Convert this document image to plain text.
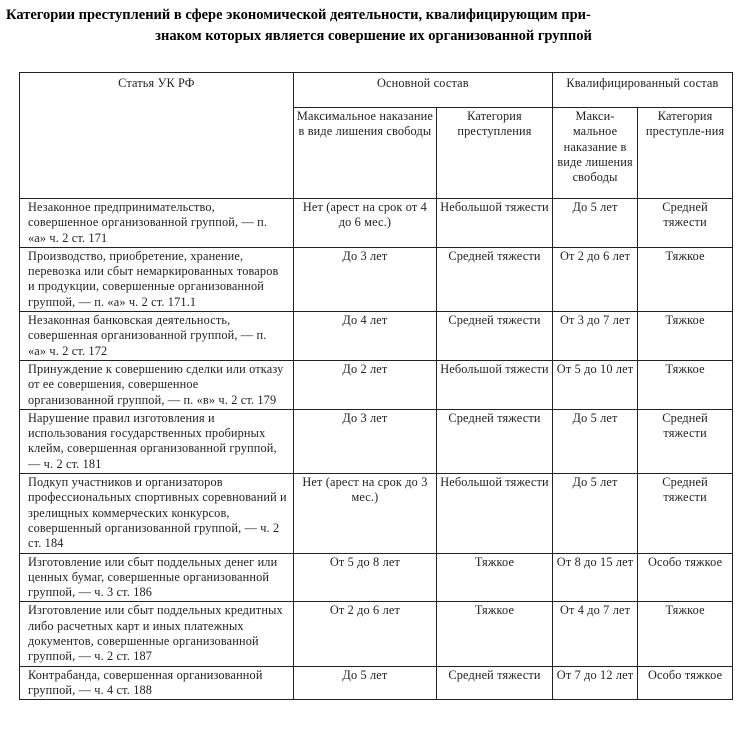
Категории преступлений в сфере экономической деятельности, квалифицирующим при-
знаком которых является совершение их организованной группой
Статья УК РФ	Основной состав		Квалифицированный состав	
	Максимальное наказание в виде лишения свободы	Категория преступления	Макси-мальное наказание в виде лишения свободы	Категория преступле-ния
Незаконное предпринимательство, совершенное организованной группой, — п. «а» ч. 2 ст. 171	Нет (арест на срок от 4 до 6 мес.)	Небольшой тяжести	До 5 лет	Средней тяжести
Производство, приобретение, хранение, перевозка или сбыт немаркированных товаров и продукции, совершенные организованной группой, — п. «а» ч. 2 ст. 171.1	До 3 лет	Средней тяжести	От 2 до 6 лет	Тяжкое
Незаконная банковская деятельность, совершенная организованной группой, — п. «а» ч. 2 ст. 172	До 4 лет	Средней тяжести	От 3 до 7 лет	Тяжкое
Принуждение к совершению сделки или отказу от ее совершения, совершенное организованной группой, — п. «в» ч. 2 ст. 179	До 2 лет	Небольшой тяжести	От 5 до 10 лет	Тяжкое
Нарушение правил изготовления и использования государственных пробирных клейм, совершенная организованной группой, — ч. 2 ст. 181	До 3 лет	Средней тяжести	До 5 лет	Средней тяжести
Подкуп участников и организаторов профессиональных спортивных соревнований и зрелищных коммерческих конкурсов, совершенный организованной группой, — ч. 2 ст. 184	Нет (арест на срок до 3 мес.)	Небольшой тяжести	До 5 лет	Средней тяжести
Изготовление или сбыт поддельных денег или ценных бумаг, совершенные организованной группой, — ч. 3 ст. 186	От 5 до 8 лет	Тяжкое	От 8 до 15 лет	Особо тяжкое
Изготовление или сбыт поддельных кредитных либо расчетных карт и иных платежных документов, совершенные организованной группой, — ч. 2 ст. 187	От 2 до 6 лет	Тяжкое	От 4 до 7 лет	Тяжкое
Контрабанда, совершенная организованной группой, — ч. 4 ст. 188	До 5 лет	Средней тяжести	От 7 до 12 лет	Особо тяжкое
